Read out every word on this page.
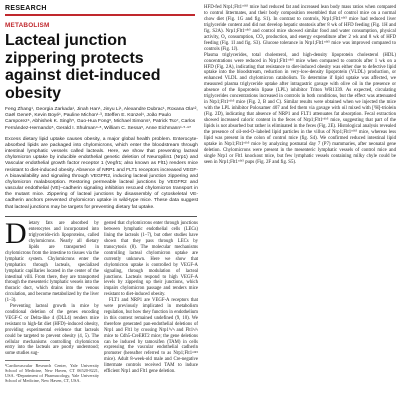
RESEARCH
METABOLISM
Lacteal junction zippering protects against diet-induced obesity
Feng Zhang¹, Georgia Zarkada¹, Jinah Han¹, Jinyu Li¹, Alexandre Dubrac¹, Roxana Ola¹², Gaël Genet¹, Kevin Boyé¹, Pauline Michon¹·³, Steffen E. Künzel¹, João Paulo Camporez⁴, Abhishek K. Singh⁵, Guo-Hua Fong⁶, Michael Simons¹, Patrick Tso⁷, Carlos Fernández-Hernando⁵, Gerald I. Shulman⁴·⁸, William C. Sessa⁵, Anne Eichmann¹·⁵·⁹*
Excess dietary lipid uptake causes obesity, a major global health problem. Enterocyte-absorbed lipids are packaged into chylomicrons, which enter the bloodstream through intestinal lymphatic vessels called lacteals. Here, we show that preventing lacteal chylomicron uptake by inducible endothelial genetic deletion of Neuropilin1 (Nrp1) and Vascular endothelial growth factor receptor 1 (Vegfr1; also known as Flt1) renders mice resistant to diet-induced obesity. Absence of NRP1 and FLT1 receptors increased VEGF-A bioavailability and signaling through VEGFR2, inducing lacteal junction zippering and chylomicron malabsorption. Restoring permeable lacteal junctions by VEGFR2 and vascular endothelial (VE)–cadherin signaling inhibition rescued chylomicron transport in the mutant mice. Zippering of lacteal junctions by disassembly of cytoskeletal VE-cadherin anchors prevented chylomicron uptake in wild-type mice. These data suggest that lacteal junctions may be targets for preventing dietary fat uptake.
D ietary fats are absorbed by enterocytes and incorporated into triglyceride-rich lipoproteins, called chylomicrons. Nearly all dietary lipids are transported in chylomicrons from the intestine to tissues via the lymphatic system. Chylomicrons enter the lymphatics through lacteals, specialized lymphatic capillaries located in the center of the intestinal villi. From there, they are transported through the mesenteric lymphatic vessels into the thoracic duct, which drains into the venous circulation, and become metabolized by the liver (1–3).
Preventing lacteal growth in mice by conditional deletion of the genes encoding VEGF-C or Delta-like 4 (DLL4) renders mice resistant to high-fat diet (HFD)–induced obesity, providing experimental evidence that lacteals could be targeted to prevent obesity (4, 5). The cellular mechanisms controlling chylomicron entry into the lacteals are poorly understood; some studies sug-
¹Cardiovascular Research Center, Yale University School of Medicine, New Haven, CT 06520-8221, USA. ²Department of Pharmacology, Yale University School of Medicine, New Haven, CT, USA.
gested that chylomicrons enter through junctions between lymphatic endothelial cells (LECs) lining the lacteals (1–7), but other studies have shown that they pass through LECs by transcytosis (8). The molecular mechanisms controlling lacteal chylomicron uptake are currently unknown. Here we show that chylomicron uptake is controlled by VEGF-A signaling, through modulation of lacteal junctions. Lacteals respond to high VEGF-A levels by zippering up their junctions, which impairs chylomicron passage and renders mice resistant to diet-induced obesity.
FLT1 and NRP1 are VEGF-A receptors that were previously implicated in metabolism regulation, but how they function in endothelium in this context remained undefined (9, 10). We therefore generated pan-endothelial deletions of Nrp1 and Flt1 by crossing Nrp1ⁱᶠₗ/ᶠₗ and Flt1ᶠₗ/ᶠₗ mice to Cdh5-CreERT2 mice; the gene deletions can be induced by tamoxifen (TAM) in cells expressing the vascular endothelial cadherin promoter (hereafter referred to as Nrp1;Flt1ᶜᵈʰ⁵ mice). Adult 8-week-old male and Cre-negative littermate controls received TAM to induce efficient Nrp1 and Flt1 gene deletion.
HFD-fed Nrp1;Flt1ᶜᵈʰ⁵ mice had reduced fat and increased lean body mass ratios when compared to control littermates, and their body composition resembled that of control mice on a normal chow diet (Fig. 1G and fig. S1). In contrast to controls, Nrp1;Flt1ᶜᵈʰ⁵ mice had reduced liver triglyceride content and did not develop hepatic steatosis after 8 wk of HFD feeding (Fig. 1H and fig. S2A). Nrp1;Flt1ᶜᵈʰ⁵ and control mice showed similar food and water consumption, physical activity, O₂ consumption, CO₂ production, and energy expenditure after 2 wk and 8 wk of HFD feeding (Fig. 1I and fig. S3). Glucose tolerance in Nrp1;Flt1ᶜᵈʰ⁵ mice was improved compared to controls (Fig. 1J).
Plasma triglycerides, total cholesterol, and high-density lipoprotein cholesterol (HDL) concentrations were reduced in Nrp1;Flt1ᶜᵈʰ⁵ mice when compared to controls after 1 wk on a HFD (Fig. 2A), indicating that resistance to diet-induced obesity was either due to defective lipid uptake into the bloodstream, reduction in very-low-density lipoprotein (VLDL) production, or enhanced VLDL and chylomicron catabolism. To determine if lipid uptake was affected, we measured plasma triglyceride uptake after intragastric gavage with olive oil in the presence or absence of the lipoprotein lipase (LPL) inhibitor Triton WR1339. As expected, circulating triglycerides concentrations increased in controls in both conditions, but the effect was attenuated in Nrp1;Flt1ᶜᵈʰ⁵ mice (Fig. 2, B and C). Similar results were obtained when we injected the mice with the LPL inhibitor Poloxamer 407 and fed them via gavage with oil mixed with [³H]-triolein (Fig. 2D), indicating that absence of NRP1 and FLT1 attenuates fat absorption. Fecal extraction showed increased caloric content in the feces of Nrp1;Flt1ᶜᵈʰ⁵ mice, suggesting that part of the lipids is not absorbed but rather is eliminated in the feces (Fig. 2E). Histological analysis revealed the presence of oil-red-O–labeled lipid particles in the villus of Nrp1;Flt1ᶜᵈʰ⁵ mice, whereas less lipid was present in the colon of control mice (fig. S4). We confirmed reduced intestinal lipid uptake in Nrp1;Flt1ᶜᵈʰ⁵ mice by analyzing postnatal day 7 (P7) mammaries, after neonatal gene deletion. Chylomicrons were present in the mesenteric lymphatic vessels of control mice and single Nrp1 or Flt1 knockout mice, but few lymphatic vessels containing milky chyle could be seen in Nrp1;Flt1ᶜᵈʰ⁵ pups (Fig. 2F and fig. S5).
